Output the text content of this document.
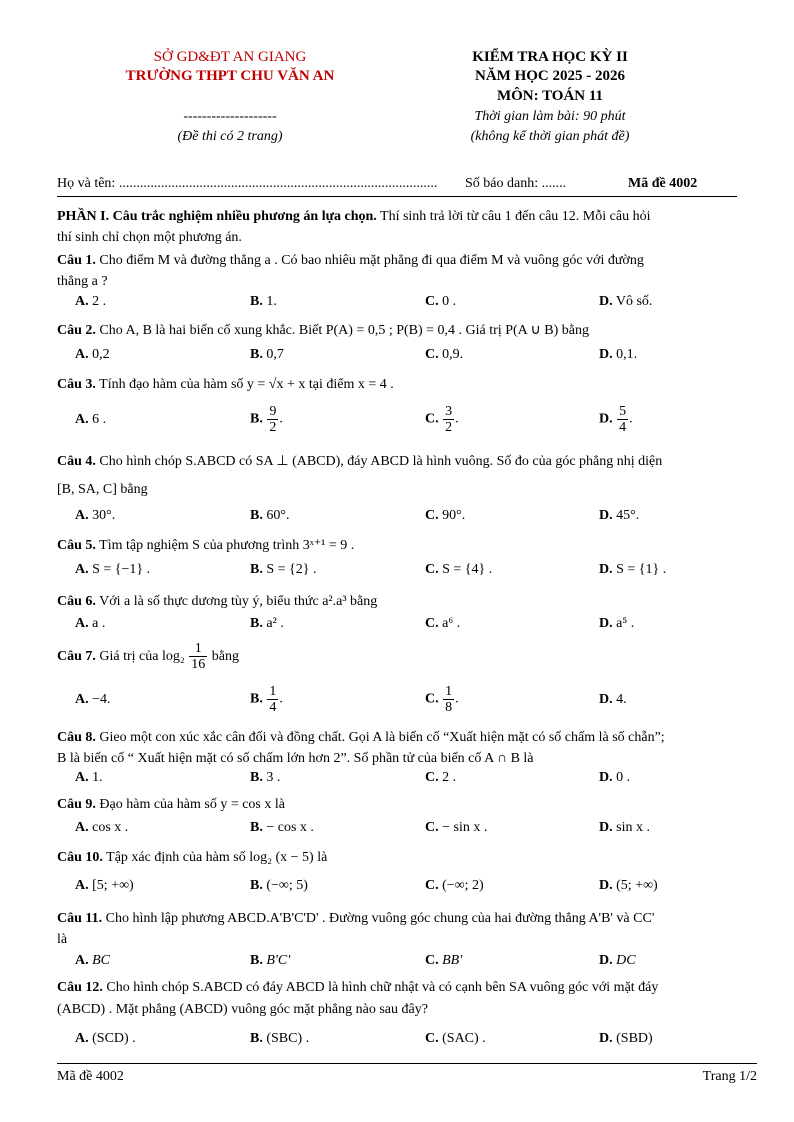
SỞ GD&ĐT AN GIANG
TRƯỜNG THPT CHU VĂN AN
--------------------
(Đề thi có 2 trang)
KIỂM TRA HỌC KỲ II
NĂM HỌC 2025 - 2026
MÔN: TOÁN 11
Thời gian làm bài: 90 phút
(không kể thời gian phát đề)
Họ và tên: ........................................................................................... Số báo danh: .......	Mã đề 4002
PHẦN I. Câu trắc nghiệm nhiều phương án lựa chọn. Thí sinh trả lời từ câu 1 đến câu 12. Mỗi câu hỏi
thí sinh chỉ chọn một phương án.
Câu 1. Cho điểm M và đường thẳng a . Có bao nhiêu mặt phẳng đi qua điểm M và vuông góc với đường
thẳng a ?
A. 2 .	B. 1.	C. 0 .	D. Vô số.
Câu 2. Cho A, B là hai biến cố xung khắc. Biết P(A) = 0,5 ; P(B) = 0,4 . Giá trị P(A ∪ B) bằng
A. 0,2	B. 0,7	C. 0,9.	D. 0,1.
Câu 3. Tính đạo hàm của hàm số y = √x + x tại điểm x = 4 .
A. 6 .	B. $\frac{9}{2}$ .	C. $\frac{3}{2}$ .	D. $\frac{5}{4}$ .
Câu 4. Cho hình chóp S.ABCD có SA ⊥ (ABCD), đáy ABCD là hình vuông. Số đo của góc phẳng nhị diện
[B, SA, C] bằng
A. 30°.	B. 60°.	C. 90°.	D. 45°.
Câu 5. Tìm tập nghiệm S của phương trình 3ˣ⁺¹ = 9 .
A. S = {−1} .	B. S = {2} .	C. S = {4} .	D. S = {1} .
Câu 6. Với a là số thực dương tùy ý, biểu thức a².a³ bằng
A. a .	B. a² .	C. a⁶ .	D. a⁵ .
Câu 7. Giá trị của $\log_2 \frac{1}{16}$ bằng
A. −4.	B. $\frac{1}{4}$ .	C. $\frac{1}{8}$ .	D. 4.
Câu 8. Gieo một con xúc xắc cân đối và đồng chất. Gọi A là biến cố “Xuất hiện mặt có số chấm là số chẵn”;
B là biến cố “ Xuất hiện mặt có số chấm lớn hơn 2”. Số phần tử của biến cố A ∩ B là
A. 1.	B. 3 .	C. 2 .	D. 0 .
Câu 9. Đạo hàm của hàm số y = cos x là
A. cos x .	B. − cos x .	C. − sin x .	D. sin x .
Câu 10. Tập xác định của hàm số log₂ (x − 5) là
A. [5; +∞)	B. (−∞; 5)	C. (−∞; 2)	D. (5; +∞)
Câu 11. Cho hình lập phương ABCD.A'B'C'D' . Đường vuông góc chung của hai đường thẳng A'B' và CC'
là
A. BC	B. B'C'	C. BB'	D. DC
Câu 12. Cho hình chóp S.ABCD có đáy ABCD là hình chữ nhật và có cạnh bên SA vuông góc với mặt đáy
(ABCD) . Mặt phẳng (ABCD) vuông góc mặt phẳng nào sau đây?
A. (SCD) .	B. (SBC) .	C. (SAC) .	D. (SBD)
Mã đề 4002	Trang 1/2
